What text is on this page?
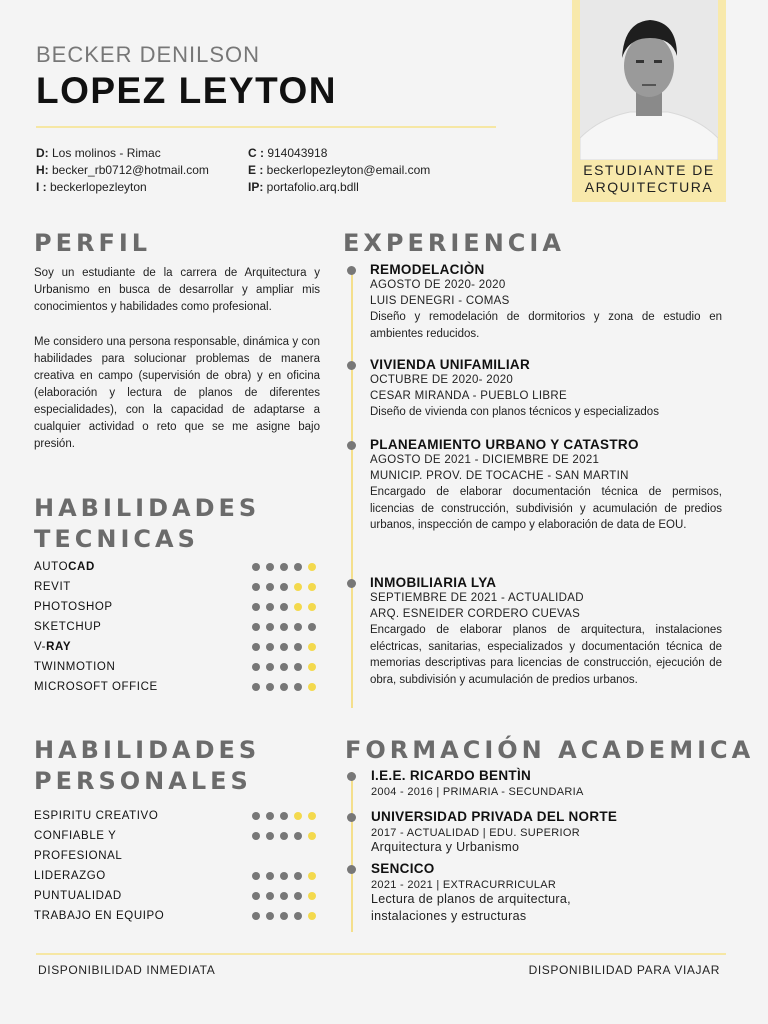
BECKER DENILSON
LOPEZ LEYTON
D: Los molinos - Rimac
H: becker_rb0712@hotmail.com
I : beckerlopezleyton
C : 914043918
E : beckerlopezleyton@email.com
IP: portafolio.arq.bdll
ESTUDIANTE DE
ARQUITECTURA
PERFIL
Soy un estudiante de la carrera de Arquitectura y Urbanismo en busca de desarrollar y ampliar mis conocimientos y habilidades como profesional.
Me considero una persona responsable, dinámica y con habilidades para solucionar problemas de manera creativa en campo (supervisión de obra) y en oficina (elaboración y lectura de planos de diferentes especialidades), con la capacidad de adaptarse a cualquier actividad o reto que se me asigne bajo presión.
HABILIDADES
TECNICAS
AUTOCAD
REVIT
PHOTOSHOP
SKETCHUP
V-RAY
TWINMOTION
MICROSOFT OFFICE
HABILIDADES
PERSONALES
ESPIRITU CREATIVO
CONFIABLE Y
PROFESIONAL
LIDERAZGO
PUNTUALIDAD
TRABAJO EN EQUIPO
EXPERIENCIA
REMODELACIÒN
AGOSTO DE 2020- 2020
LUIS DENEGRI - COMAS
Diseño y remodelación de dormitorios y zona de estudio en ambientes reducidos.
VIVIENDA UNIFAMILIAR
OCTUBRE DE 2020- 2020
CESAR MIRANDA - PUEBLO LIBRE
Diseño de vivienda con planos técnicos y especializados
PLANEAMIENTO URBANO Y CATASTRO
AGOSTO DE 2021 - DICIEMBRE DE 2021
MUNICIP. PROV. DE TOCACHE - SAN MARTIN
Encargado de elaborar documentación técnica de permisos, licencias de construcción, subdivisión y acumulación de predios urbanos, inspección de campo y elaboración de data de EOU.
INMOBILIARIA LYA
SEPTIEMBRE DE 2021 - ACTUALIDAD
ARQ. ESNEIDER CORDERO CUEVAS
Encargado de elaborar planos de arquitectura, instalaciones eléctricas, sanitarias, especializados y documentación técnica de memorias descriptivas para licencias de construcción, ejecución de obra, subdivisión y acumulación de predios urbanos.
FORMACIÓN ACADEMICA
I.E.E. RICARDO BENTÌN
2004 - 2016 | PRIMARIA - SECUNDARIA
UNIVERSIDAD PRIVADA DEL NORTE
2017 - ACTUALIDAD | EDU. SUPERIOR
Arquitectura y Urbanismo
SENCICO
2021 - 2021 | EXTRACURRICULAR
Lectura de planos de arquitectura,
instalaciones y estructuras
DISPONIBILIDAD INMEDIATA	DISPONIBILIDAD PARA VIAJAR
